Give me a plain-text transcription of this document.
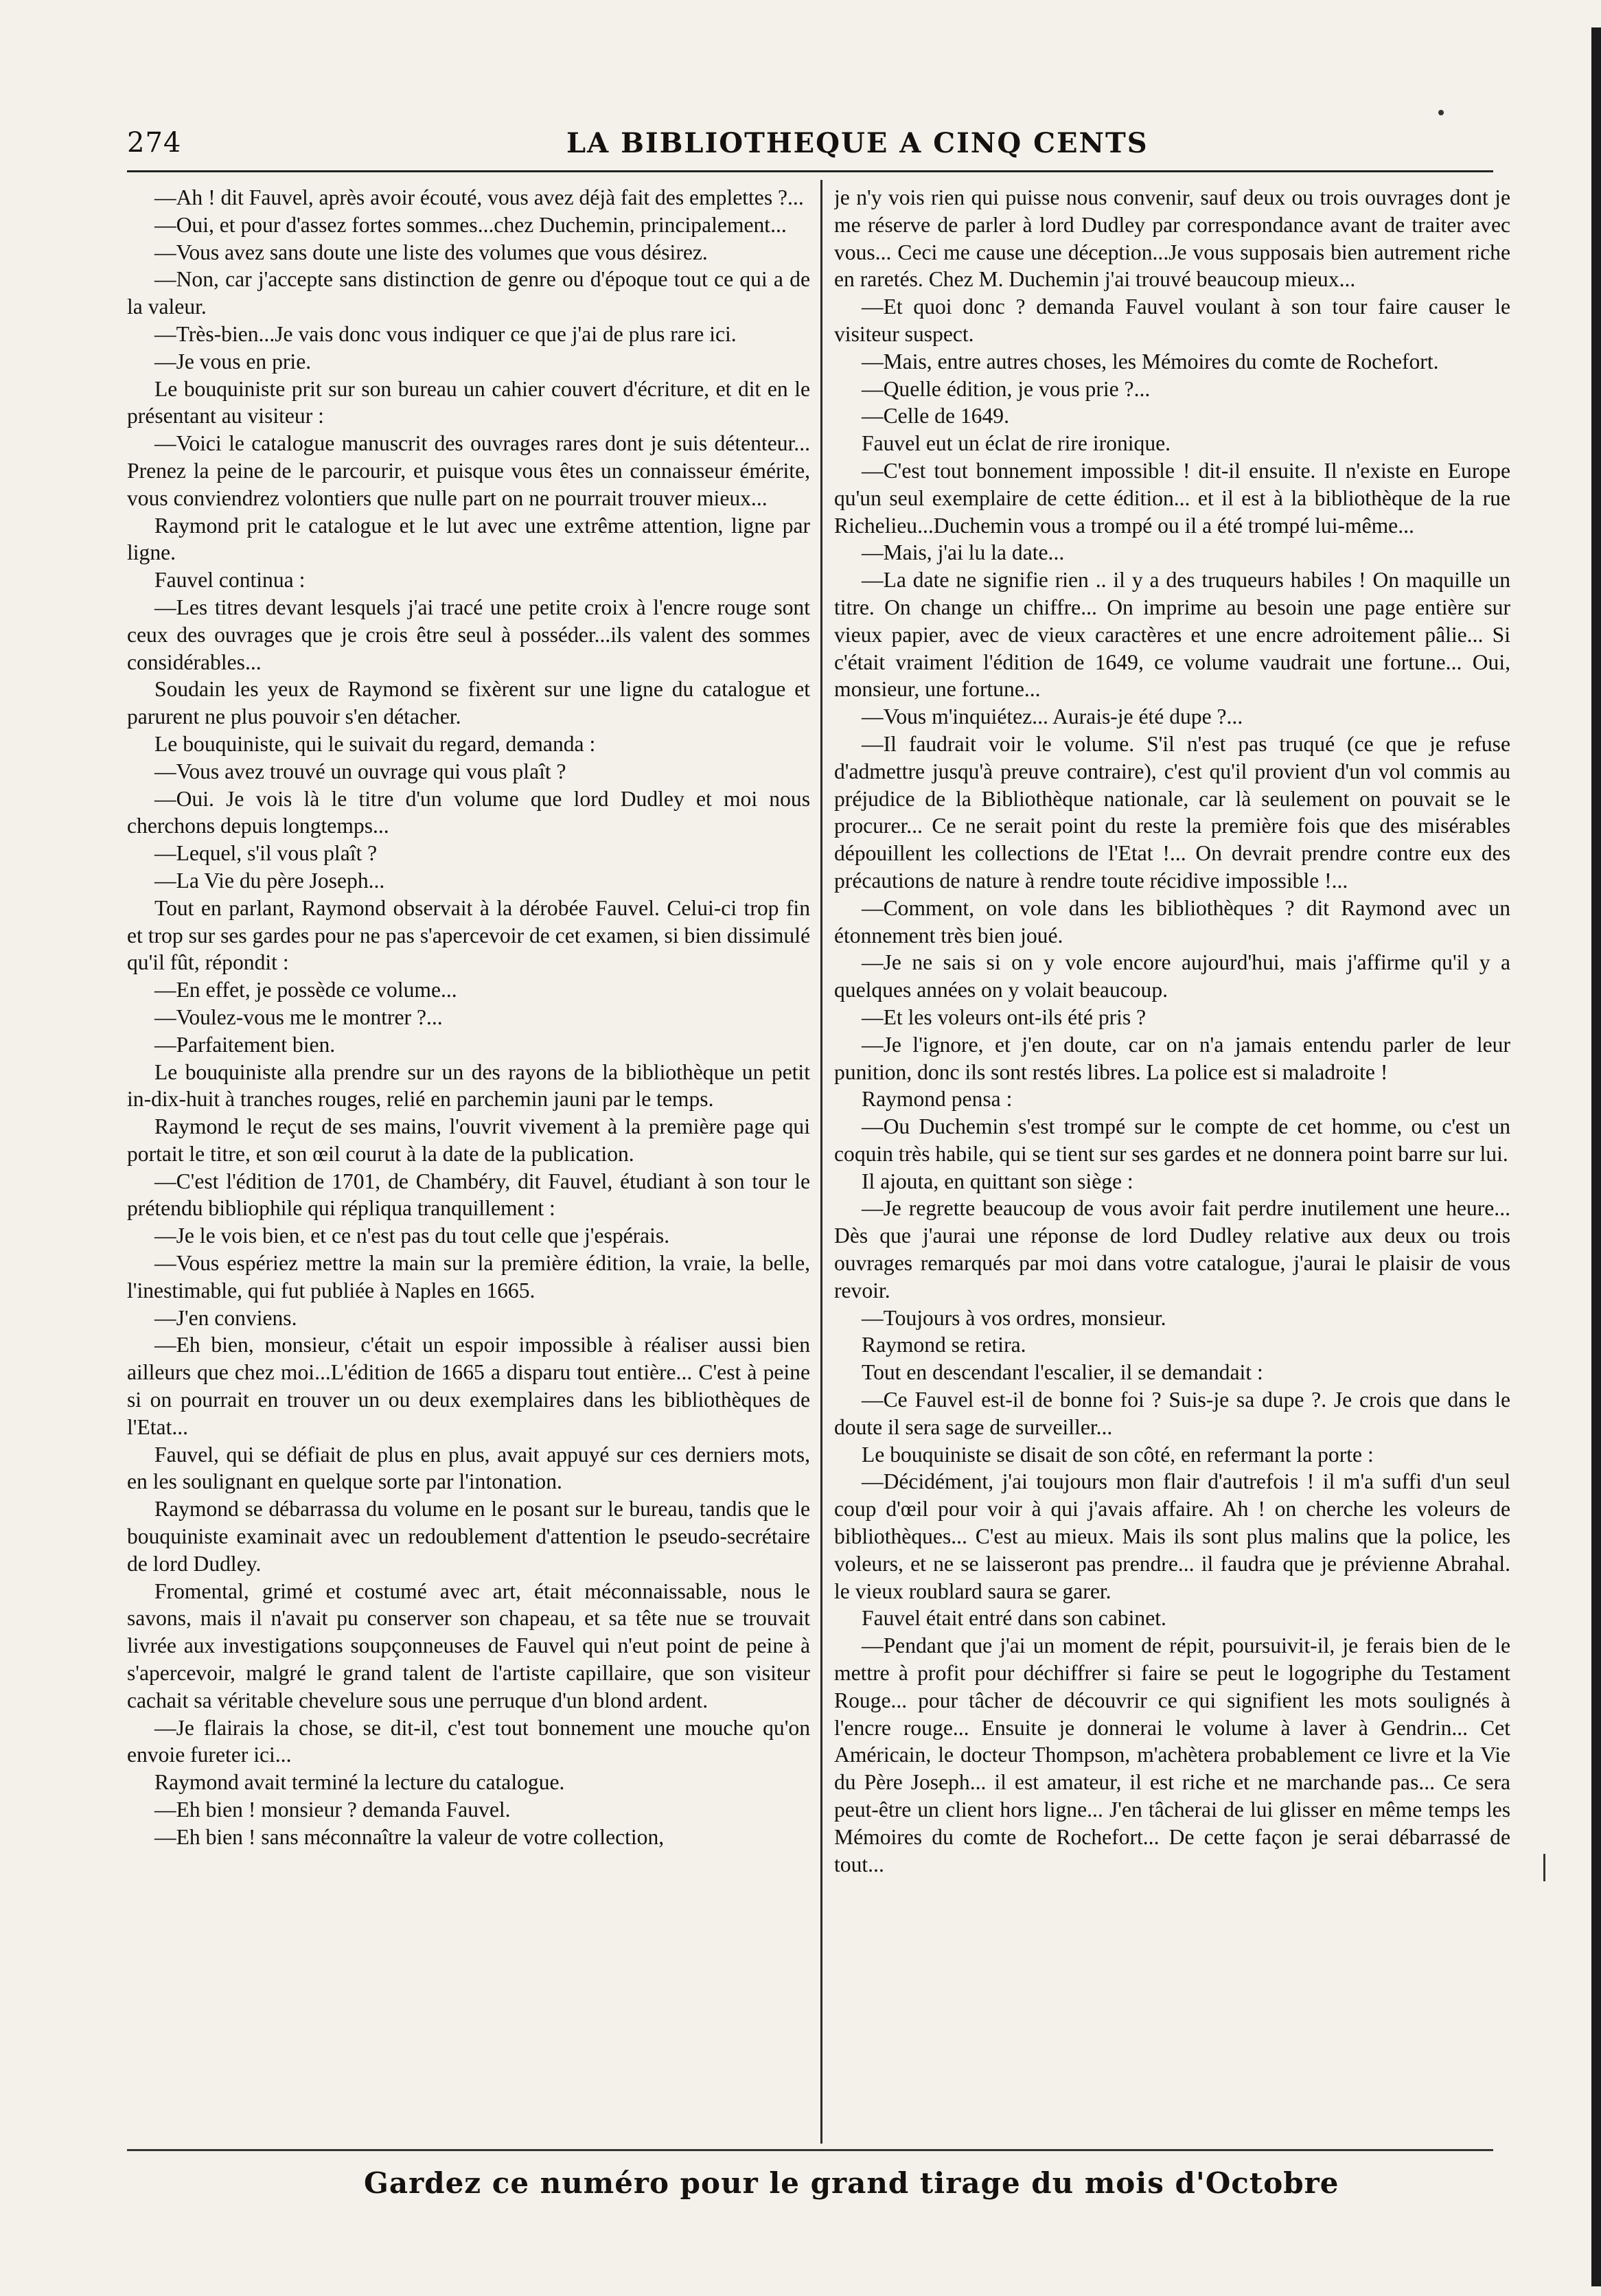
274	LA BIBLIOTHEQUE A CINQ CENTS

—Ah ! dit Fauvel, après avoir écouté, vous avez déjà fait des emplettes ?...

—Oui, et pour d'assez fortes sommes...chez Duchemin, principalement...

—Vous avez sans doute une liste des volumes que vous désirez.

—Non, car j'accepte sans distinction de genre ou d'époque tout ce qui a de la valeur.

—Très-bien...Je vais donc vous indiquer ce que j'ai de plus rare ici.

—Je vous en prie.

Le bouquiniste prit sur son bureau un cahier couvert d'écriture, et dit en le présentant au visiteur :

—Voici le catalogue manuscrit des ouvrages rares dont je suis détenteur... Prenez la peine de le parcourir, et puisque vous êtes un connaisseur émérite, vous conviendrez volontiers que nulle part on ne pourrait trouver mieux...

Raymond prit le catalogue et le lut avec une extrême attention, ligne par ligne.

Fauvel continua :

—Les titres devant lesquels j'ai tracé une petite croix à l'encre rouge sont ceux des ouvrages que je crois être seul à posséder...ils valent des sommes considérables...

Soudain les yeux de Raymond se fixèrent sur une ligne du catalogue et parurent ne plus pouvoir s'en détacher.

Le bouquiniste, qui le suivait du regard, demanda :

—Vous avez trouvé un ouvrage qui vous plaît ?

—Oui. Je vois là le titre d'un volume que lord Dudley et moi nous cherchons depuis longtemps...

—Lequel, s'il vous plaît ?

—La Vie du père Joseph...

Tout en parlant, Raymond observait à la dérobée Fauvel. Celui-ci trop fin et trop sur ses gardes pour ne pas s'apercevoir de cet examen, si bien dissimulé qu'il fût, répondit :

—En effet, je possède ce volume...

—Voulez-vous me le montrer ?...

—Parfaitement bien.

Le bouquiniste alla prendre sur un des rayons de la bibliothèque un petit in-dix-huit à tranches rouges, relié en parchemin jauni par le temps.

Raymond le reçut de ses mains, l'ouvrit vivement à la première page qui portait le titre, et son œil courut à la date de la publication.

—C'est l'édition de 1701, de Chambéry, dit Fauvel, étudiant à son tour le prétendu bibliophile qui répliqua tranquillement :

—Je le vois bien, et ce n'est pas du tout celle que j'espérais.

—Vous espériez mettre la main sur la première édition, la vraie, la belle, l'inestimable, qui fut publiée à Naples en 1665.

—J'en conviens.

—Eh bien, monsieur, c'était un espoir impossible à réaliser aussi bien ailleurs que chez moi...L'édition de 1665 a disparu tout entière... C'est à peine si on pourrait en trouver un ou deux exemplaires dans les bibliothèques de l'Etat...

Fauvel, qui se défiait de plus en plus, avait appuyé sur ces derniers mots, en les soulignant en quelque sorte par l'intonation.

Raymond se débarrassa du volume en le posant sur le bureau, tandis que le bouquiniste examinait avec un redoublement d'attention le pseudo-secrétaire de lord Dudley.

Fromental, grimé et costumé avec art, était méconnaissable, nous le savons, mais il n'avait pu conserver son chapeau, et sa tête nue se trouvait livrée aux investigations soupçonneuses de Fauvel qui n'eut point de peine à s'apercevoir, malgré le grand talent de l'artiste capillaire, que son visiteur cachait sa véritable chevelure sous une perruque d'un blond ardent.

—Je flairais la chose, se dit-il, c'est tout bonnement une mouche qu'on envoie fureter ici...

Raymond avait terminé la lecture du catalogue.

—Eh bien ! monsieur ? demanda Fauvel.

—Eh bien ! sans méconnaître la valeur de votre collection,

je n'y vois rien qui puisse nous convenir, sauf deux ou trois ouvrages dont je me réserve de parler à lord Dudley par correspondance avant de traiter avec vous... Ceci me cause une déception...Je vous supposais bien autrement riche en raretés. Chez M. Duchemin j'ai trouvé beaucoup mieux...

—Et quoi donc ? demanda Fauvel voulant à son tour faire causer le visiteur suspect.

—Mais, entre autres choses, les Mémoires du comte de Rochefort.

—Quelle édition, je vous prie ?...

—Celle de 1649.

Fauvel eut un éclat de rire ironique.

—C'est tout bonnement impossible ! dit-il ensuite. Il n'existe en Europe qu'un seul exemplaire de cette édition... et il est à la bibliothèque de la rue Richelieu...Duchemin vous a trompé ou il a été trompé lui-même...

—Mais, j'ai lu la date...

—La date ne signifie rien .. il y a des truqueurs habiles ! On maquille un titre. On change un chiffre... On imprime au besoin une page entière sur vieux papier, avec de vieux caractères et une encre adroitement pâlie... Si c'était vraiment l'édition de 1649, ce volume vaudrait une fortune... Oui, monsieur, une fortune...

—Vous m'inquiétez... Aurais-je été dupe ?...

—Il faudrait voir le volume. S'il n'est pas truqué (ce que je refuse d'admettre jusqu'à preuve contraire), c'est qu'il provient d'un vol commis au préjudice de la Bibliothèque nationale, car là seulement on pouvait se le procurer... Ce ne serait point du reste la première fois que des misérables dépouillent les collections de l'Etat !... On devrait prendre contre eux des précautions de nature à rendre toute récidive impossible !...

—Comment, on vole dans les bibliothèques ? dit Raymond avec un étonnement très bien joué.

—Je ne sais si on y vole encore aujourd'hui, mais j'affirme qu'il y a quelques années on y volait beaucoup.

—Et les voleurs ont-ils été pris ?

—Je l'ignore, et j'en doute, car on n'a jamais entendu parler de leur punition, donc ils sont restés libres. La police est si maladroite !

Raymond pensa :

—Ou Duchemin s'est trompé sur le compte de cet homme, ou c'est un coquin très habile, qui se tient sur ses gardes et ne donnera point barre sur lui.

Il ajouta, en quittant son siège :

—Je regrette beaucoup de vous avoir fait perdre inutilement une heure... Dès que j'aurai une réponse de lord Dudley relative aux deux ou trois ouvrages remarqués par moi dans votre catalogue, j'aurai le plaisir de vous revoir.

—Toujours à vos ordres, monsieur.

Raymond se retira.

Tout en descendant l'escalier, il se demandait :

—Ce Fauvel est-il de bonne foi ? Suis-je sa dupe ?. Je crois que dans le doute il sera sage de surveiller...

Le bouquiniste se disait de son côté, en refermant la porte :

—Décidément, j'ai toujours mon flair d'autrefois ! il m'a suffi d'un seul coup d'œil pour voir à qui j'avais affaire. Ah ! on cherche les voleurs de bibliothèques... C'est au mieux. Mais ils sont plus malins que la police, les voleurs, et ne se laisseront pas prendre... il faudra que je prévienne Abrahal. le vieux roublard saura se garer.

Fauvel était entré dans son cabinet.

—Pendant que j'ai un moment de répit, poursuivit-il, je ferais bien de le mettre à profit pour déchiffrer si faire se peut le logogriphe du Testament Rouge... pour tâcher de découvrir ce qui signifient les mots soulignés à l'encre rouge... Ensuite je donnerai le volume à laver à Gendrin... Cet Américain, le docteur Thompson, m'achètera probablement ce livre et la Vie du Père Joseph... il est amateur, il est riche et ne marchande pas... Ce sera peut-être un client hors ligne... J'en tâcherai de lui glisser en même temps les Mémoires du comte de Rochefort... De cette façon je serai débarrassé de tout...

Gardez ce numéro pour le grand tirage du mois d'Octobre
